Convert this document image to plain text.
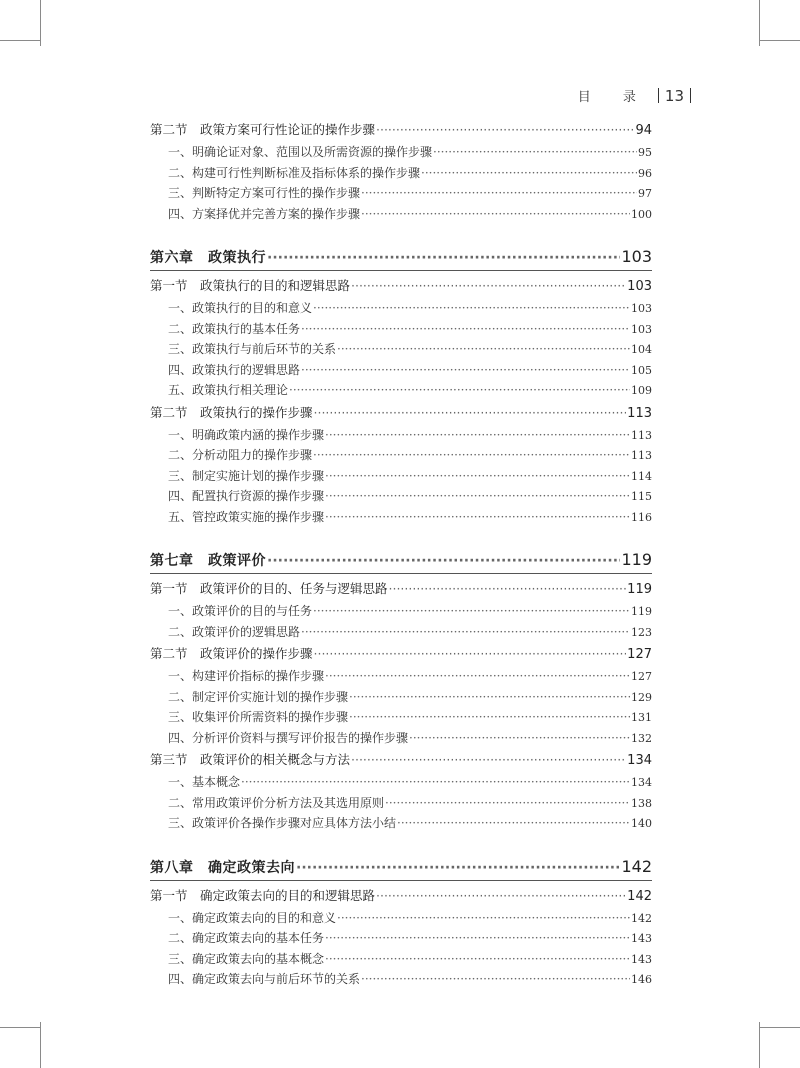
目 录 13
第二节　政策方案可行性论证的操作步骤 ·····	94
一、明确论证对象、范围以及所需资源的操作步骤 ·····	95
二、构建可行性判断标准及指标体系的操作步骤 ·····	96
三、判断特定方案可行性的操作步骤 ·····	97
四、方案择优并完善方案的操作步骤 ·····	100
第六章　政策执行 ·····	103
第一节　政策执行的目的和逻辑思路 ·····	103
一、政策执行的目的和意义 ·····	103
二、政策执行的基本任务 ·····	103
三、政策执行与前后环节的关系 ·····	104
四、政策执行的逻辑思路 ·····	105
五、政策执行相关理论 ·····	109
第二节　政策执行的操作步骤 ·····	113
一、明确政策内涵的操作步骤 ·····	113
二、分析动阻力的操作步骤 ·····	113
三、制定实施计划的操作步骤 ·····	114
四、配置执行资源的操作步骤 ·····	115
五、管控政策实施的操作步骤 ·····	116
第七章　政策评价 ·····	119
第一节　政策评价的目的、任务与逻辑思路 ·····	119
一、政策评价的目的与任务 ·····	119
二、政策评价的逻辑思路 ·····	123
第二节　政策评价的操作步骤 ·····	127
一、构建评价指标的操作步骤 ·····	127
二、制定评价实施计划的操作步骤 ·····	129
三、收集评价所需资料的操作步骤 ·····	131
四、分析评价资料与撰写评价报告的操作步骤 ·····	132
第三节　政策评价的相关概念与方法 ·····	134
一、基本概念 ·····	134
二、常用政策评价分析方法及其选用原则 ·····	138
三、政策评价各操作步骤对应具体方法小结 ·····	140
第八章　确定政策去向 ·····	142
第一节　确定政策去向的目的和逻辑思路 ·····	142
一、确定政策去向的目的和意义 ·····	142
二、确定政策去向的基本任务 ·····	143
三、确定政策去向的基本概念 ·····	143
四、确定政策去向与前后环节的关系 ·····	146
